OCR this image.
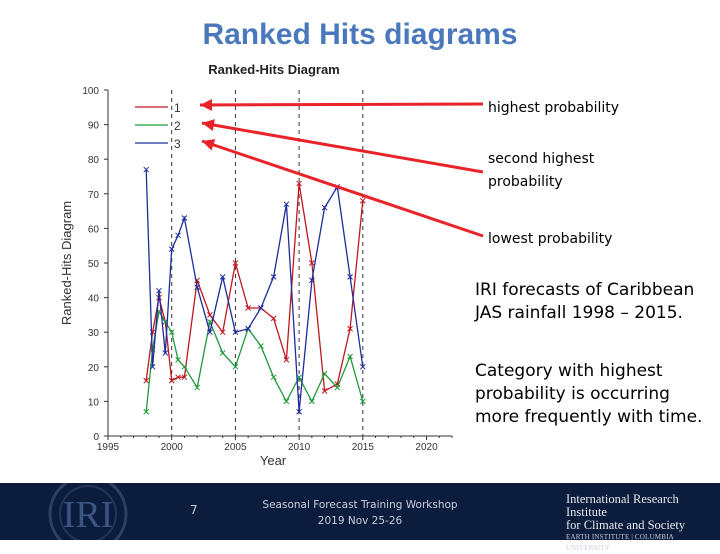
Ranked Hits diagrams
Ranked-Hits Diagram
Ranked-Hits Diagram
Year
0
10
20
30
40
50
60
70
80
90
100
1995	2000	2005	2010	2015	2020
1
2
3
highest probability
second highest
probability
lowest probability
IRI forecasts of Caribbean
JAS rainfall 1998 – 2015.
Category with highest
probability is occurring
more frequently with time.
IRI	7	Seasonal Forecast Training Workshop
2019 Nov 25-26
International Research Institute
for Climate and Society
EARTH INSTITUTE | COLUMBIA UNIVERSITY
